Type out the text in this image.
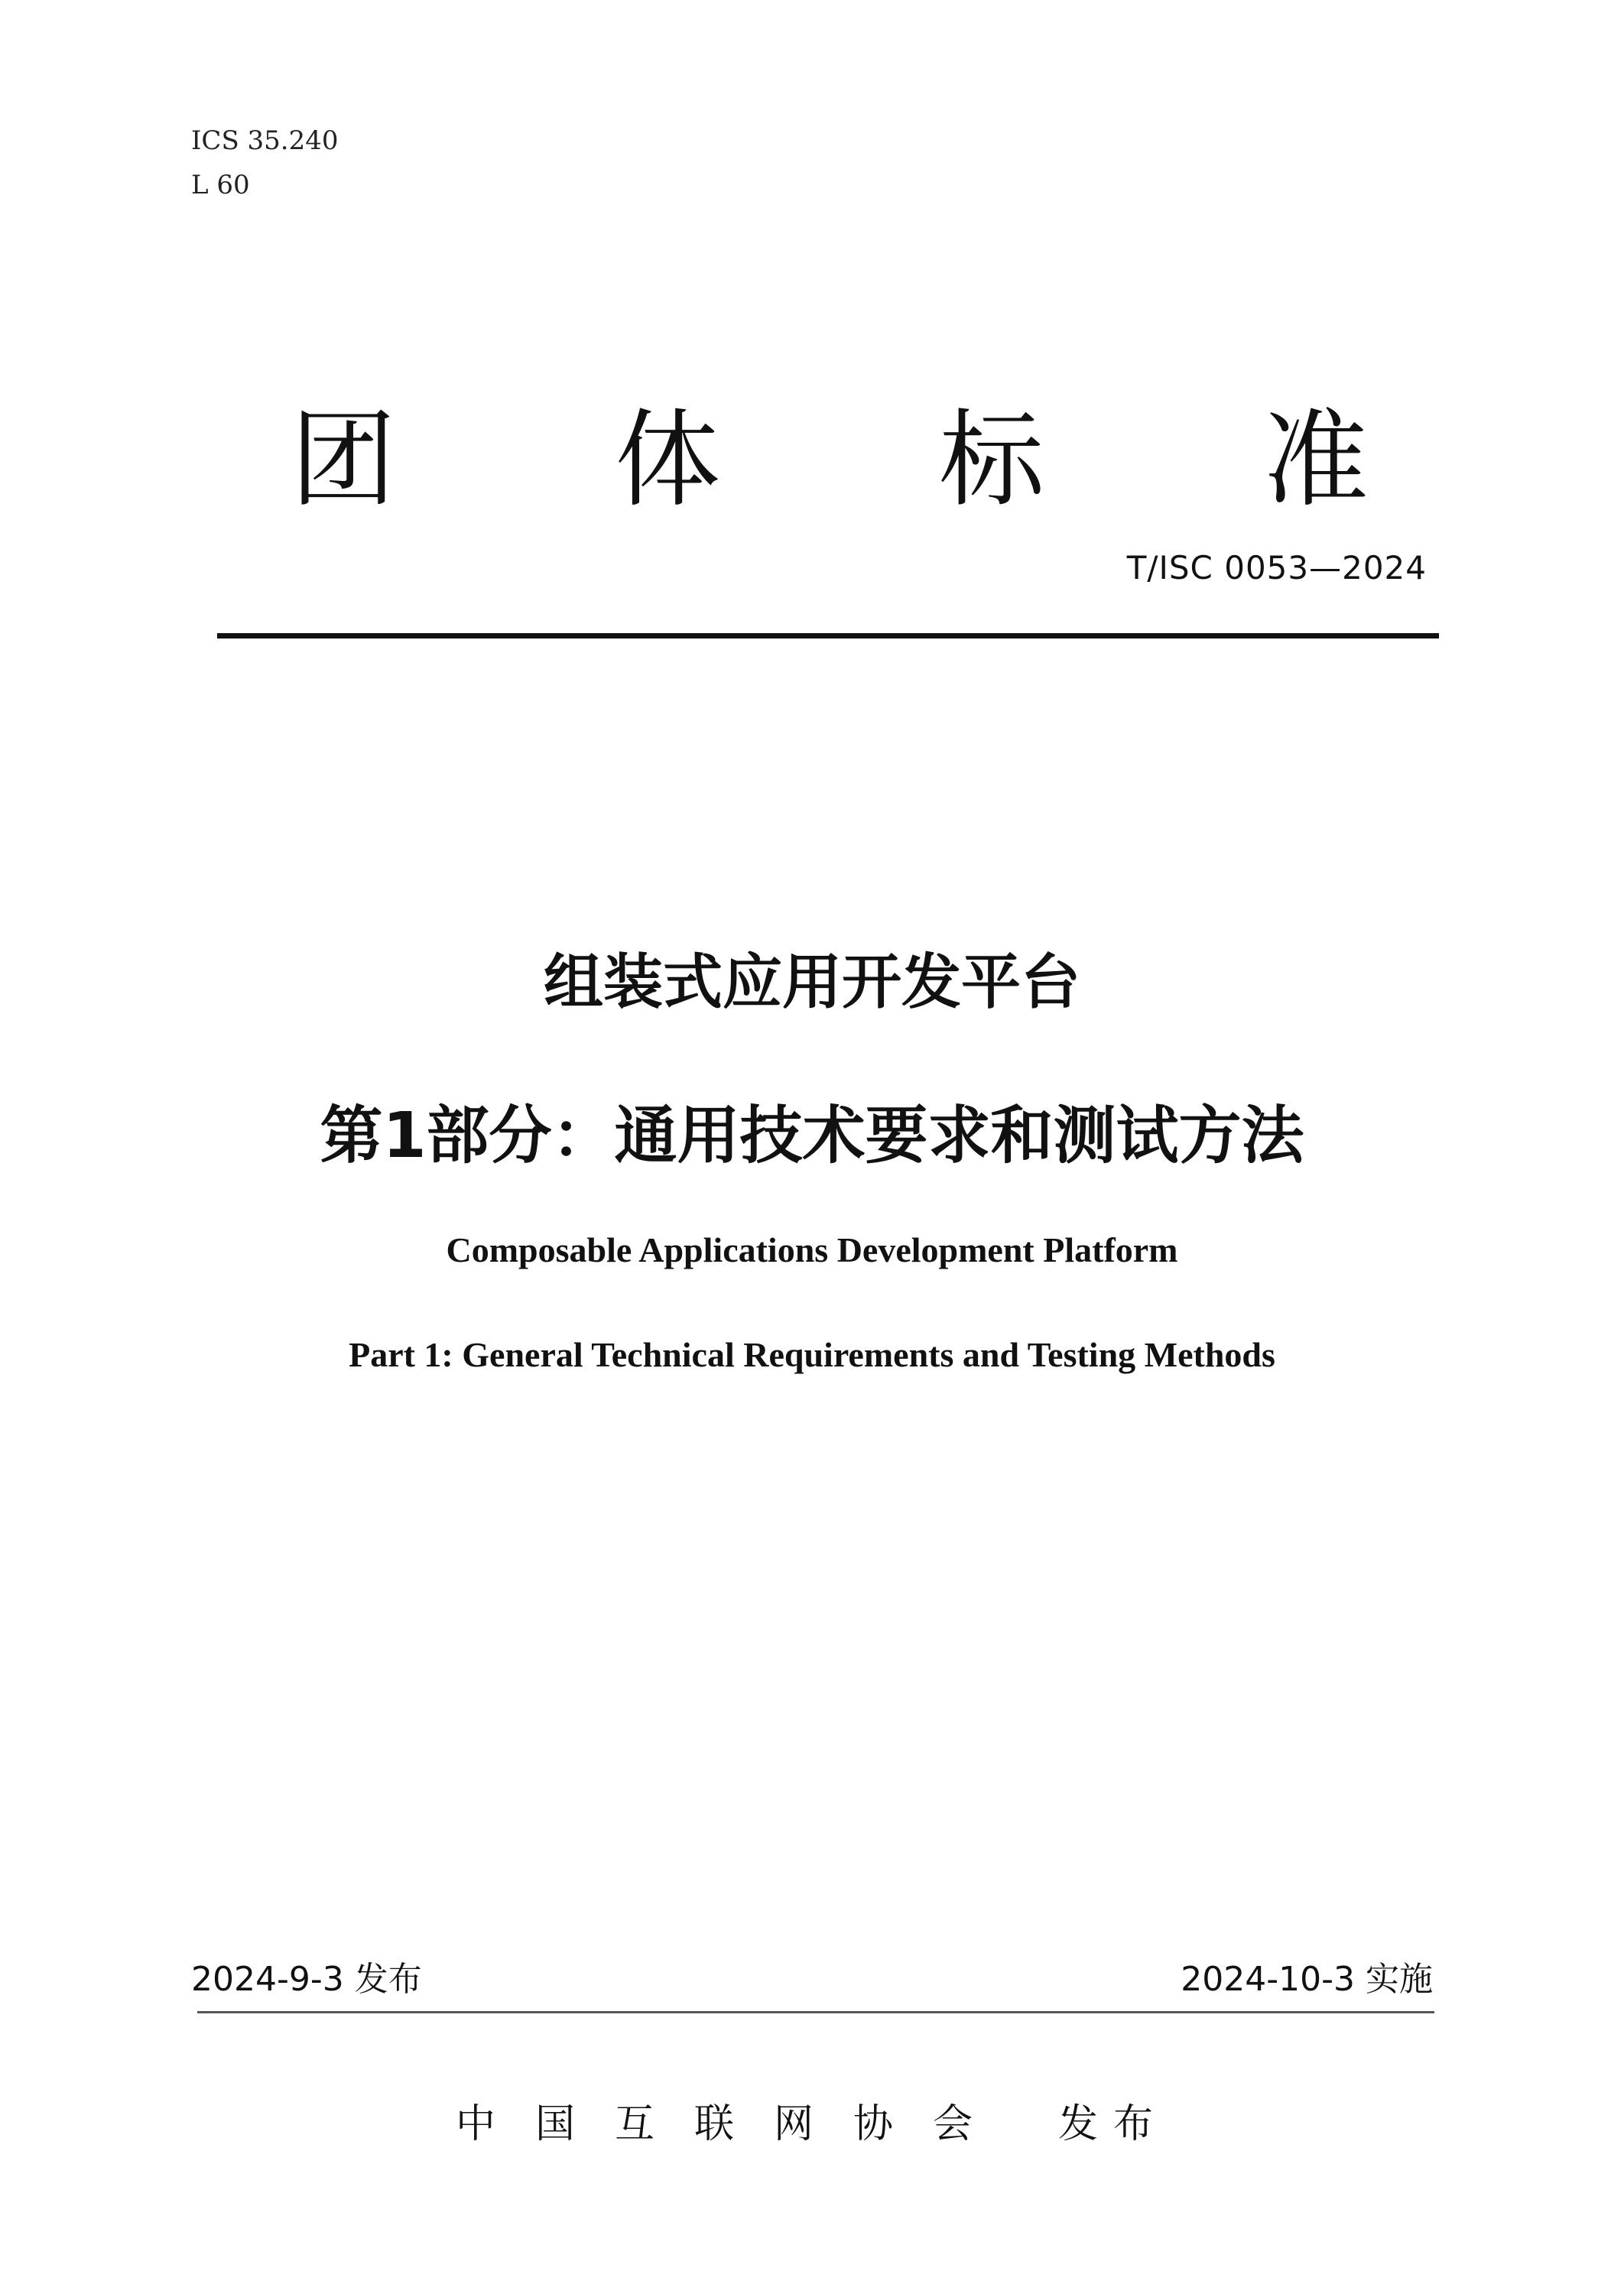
ICS 35.240
L 60
团 体 标 准
T/ISC 0053—2024
组装式应用开发平台
第1部分：通用技术要求和测试方法
Composable Applications Development Platform
Part 1: General Technical Requirements and Testing Methods
2024-9-3 发布	2024-10-3 实施
中国互联网协会 发布
